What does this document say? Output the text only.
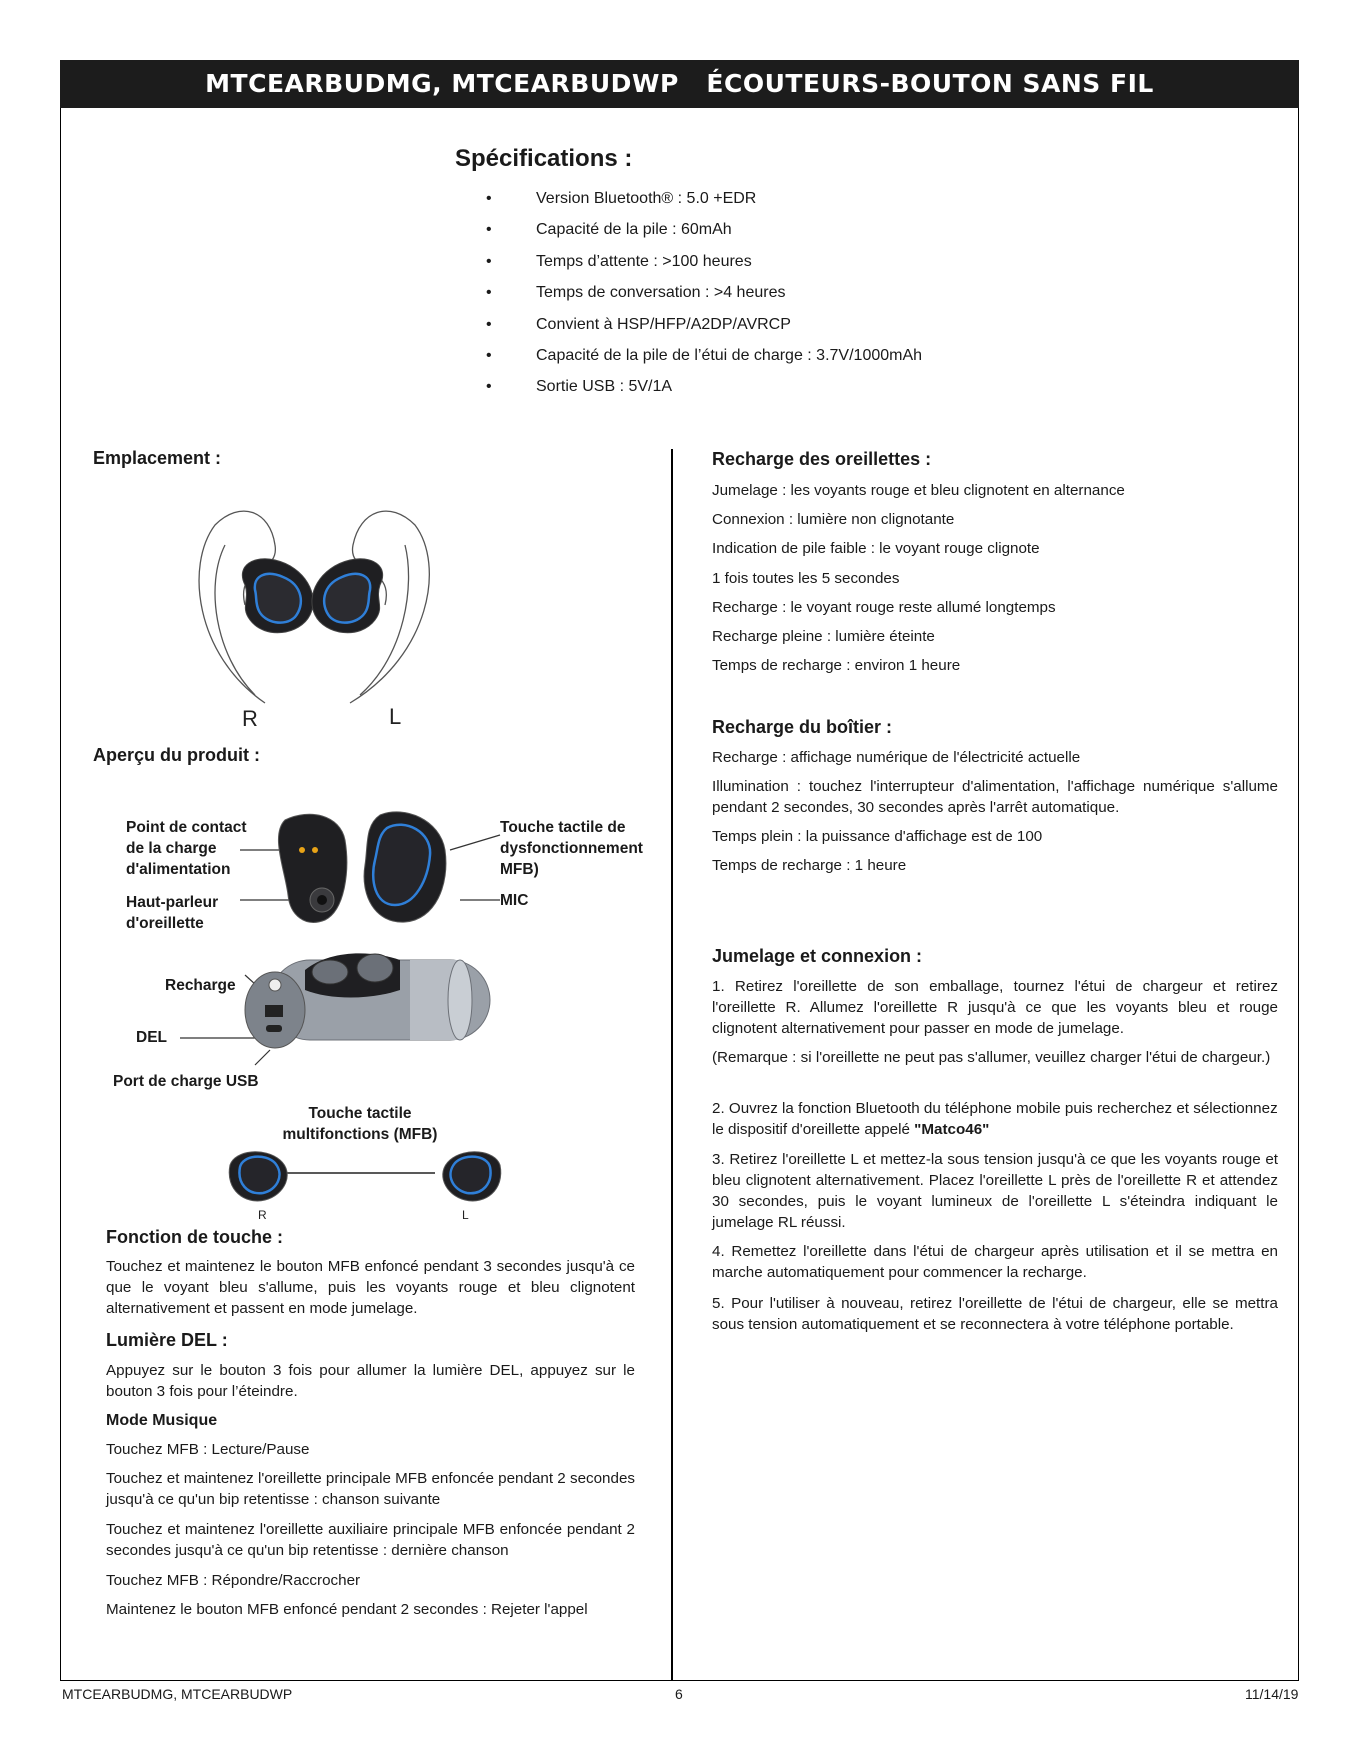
MTCEARBUDMG, MTCEARBUDWP ÉCOUTEURS-BOUTON SANS FIL
Spécifications :
• Version Bluetooth® : 5.0 +EDR
• Capacité de la pile : 60mAh
• Temps d’attente : >100 heures
• Temps de conversation : >4 heures
• Convient à HSP/HFP/A2DP/AVRCP
• Capacité de la pile de l’étui de charge : 3.7V/1000mAh
• Sortie USB : 5V/1A
Emplacement :
R	L
Aperçu du produit :
Point de contact de la charge d'alimentation
Haut-parleur d'oreillette
Touche tactile de dysfonctionnement MFB)
MIC
Recharge
DEL
Port de charge USB
Touche tactile multifonctions (MFB)
R	L
Fonction de touche :

Touchez et maintenez le bouton MFB enfoncé pendant 3 secondes jusqu'à ce que le voyant bleu s'allume, puis les voyants rouge et bleu clignotent alternativement et passent en mode jumelage.

Lumière DEL :

Appuyez sur le bouton 3 fois pour allumer la lumière DEL, appuyez sur le bouton 3 fois pour l’éteindre.

Mode Musique

Touchez MFB : Lecture/Pause

Touchez et maintenez l'oreillette principale MFB enfoncée pendant 2 secondes jusqu'à ce qu'un bip retentisse : chanson suivante

Touchez et maintenez l'oreillette auxiliaire principale MFB enfoncée pendant 2 secondes jusqu'à ce qu'un bip retentisse : dernière chanson

Touchez MFB : Répondre/Raccrocher

Maintenez le bouton MFB enfoncé pendant 2 secondes : Rejeter l'appel

Recharge des oreillettes :

Jumelage : les voyants rouge et bleu clignotent en alternance

Connexion : lumière non clignotante

Indication de pile faible : le voyant rouge clignote

1 fois toutes les 5 secondes

Recharge : le voyant rouge reste allumé longtemps

Recharge pleine : lumière éteinte

Temps de recharge : environ 1 heure

Recharge du boîtier :

Recharge : affichage numérique de l'électricité actuelle

Illumination : touchez l'interrupteur d'alimentation, l'affichage numérique s'allume pendant 2 secondes, 30 secondes après l'arrêt automatique.

Temps plein : la puissance d'affichage est de 100

Temps de recharge : 1 heure

Jumelage et connexion :

1. Retirez l'oreillette de son emballage, tournez l'étui de chargeur et retirez l'oreillette R. Allumez l'oreillette R jusqu'à ce que les voyants bleu et rouge clignotent alternativement pour passer en mode de jumelage.

(Remarque : si l'oreillette ne peut pas s'allumer, veuillez charger l'étui de chargeur.)

2. Ouvrez la fonction Bluetooth du téléphone mobile puis recherchez et sélectionnez le dispositif d'oreillette appelé "Matco46"

3. Retirez l'oreillette L et mettez-la sous tension jusqu'à ce que les voyants rouge et bleu clignotent alternativement. Placez l'oreillette L près de l'oreillette R et attendez 30 secondes, puis le voyant lumineux de l'oreillette L s'éteindra indiquant le jumelage RL réussi.

4. Remettez l'oreillette dans l'étui de chargeur après utilisation et il se mettra en marche automatiquement pour commencer la recharge.

5. Pour l'utiliser à nouveau, retirez l'oreillette de l'étui de chargeur, elle se mettra sous tension automatiquement et se reconnectera à votre téléphone portable.

MTCEARBUDMG, MTCEARBUDWP	6	11/14/19
